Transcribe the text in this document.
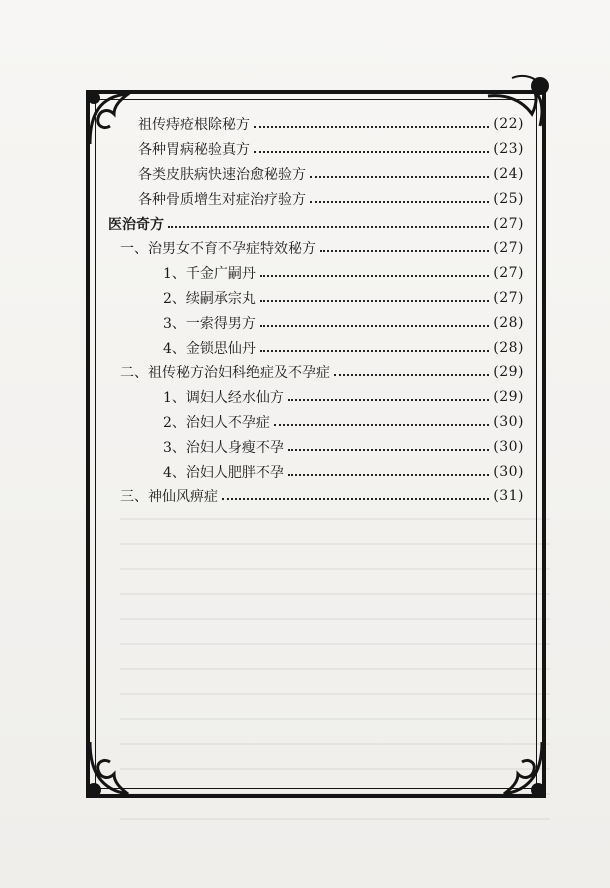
祖传痔疮根除秘方	(22)
各种胃病秘验真方	(23)
各类皮肤病快速治愈秘验方	(24)
各种骨质增生对症治疗验方	(25)
医治奇方	(27)
一、治男女不育不孕症特效秘方	(27)
1、千金广嗣丹	(27)
2、续嗣承宗丸	(27)
3、一索得男方	(28)
4、金锁思仙丹	(28)
二、祖传秘方治妇科绝症及不孕症	(29)
1、调妇人经水仙方	(29)
2、治妇人不孕症	(30)
3、治妇人身瘦不孕	(30)
4、治妇人肥胖不孕	(30)
三、神仙风痹症	(31)
